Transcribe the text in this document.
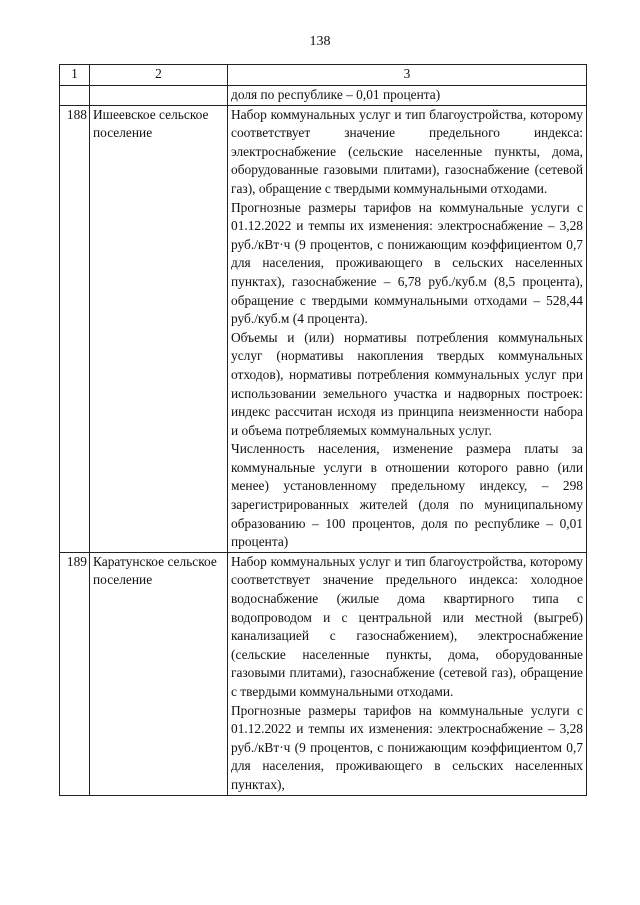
138
1	2	3
		доля по республике – 0,01 процента)
188	Ишеевское сельское поселение	Набор коммунальных услуг и тип благоустройства, которому соответствует значение предельного индекса: электроснабжение (сельские населенные пункты, дома, оборудованные газовыми плитами), газоснабжение (сетевой газ), обращение с твердыми коммунальными отходами.

Прогнозные размеры тарифов на коммунальные услуги с 01.12.2022 и темпы их изменения: электроснабжение – 3,28 руб./кВт·ч (9 процентов, с понижающим коэффициентом 0,7 для населения, проживающего в сельских населенных пунктах), газоснабжение – 6,78 руб./куб.м (8,5 процента), обращение с твердыми коммунальными отходами – 528,44 руб./куб.м (4 процента).

Объемы и (или) нормативы потребления коммунальных услуг (нормативы накопления твердых коммунальных отходов), нормативы потребления коммунальных услуг при использовании земельного участка и надворных построек: индекс рассчитан исходя из принципа неизменности набора и объема потребляемых коммунальных услуг.

Численность населения, изменение размера платы за коммунальные услуги в отношении которого равно (или менее) установленному предельному индексу, – 298 зарегистрированных жителей (доля по муниципальному образованию – 100 процентов, доля по республике – 0,01 процента)

189	Каратунское сельское поселение	Набор коммунальных услуг и тип благоустройства, которому соответствует значение предельного индекса: холодное водоснабжение (жилые дома квартирного типа с водопроводом и с центральной или местной (выгреб) канализацией с газоснабжением), электроснабжение (сельские населенные пункты, дома, оборудованные газовыми плитами), газоснабжение (сетевой газ), обращение с твердыми коммунальными отходами.

Прогнозные размеры тарифов на коммунальные услуги с 01.12.2022 и темпы их изменения: электроснабжение – 3,28 руб./кВт·ч (9 процентов, с понижающим коэффициентом 0,7 для населения, проживающего в сельских населенных пунктах),
